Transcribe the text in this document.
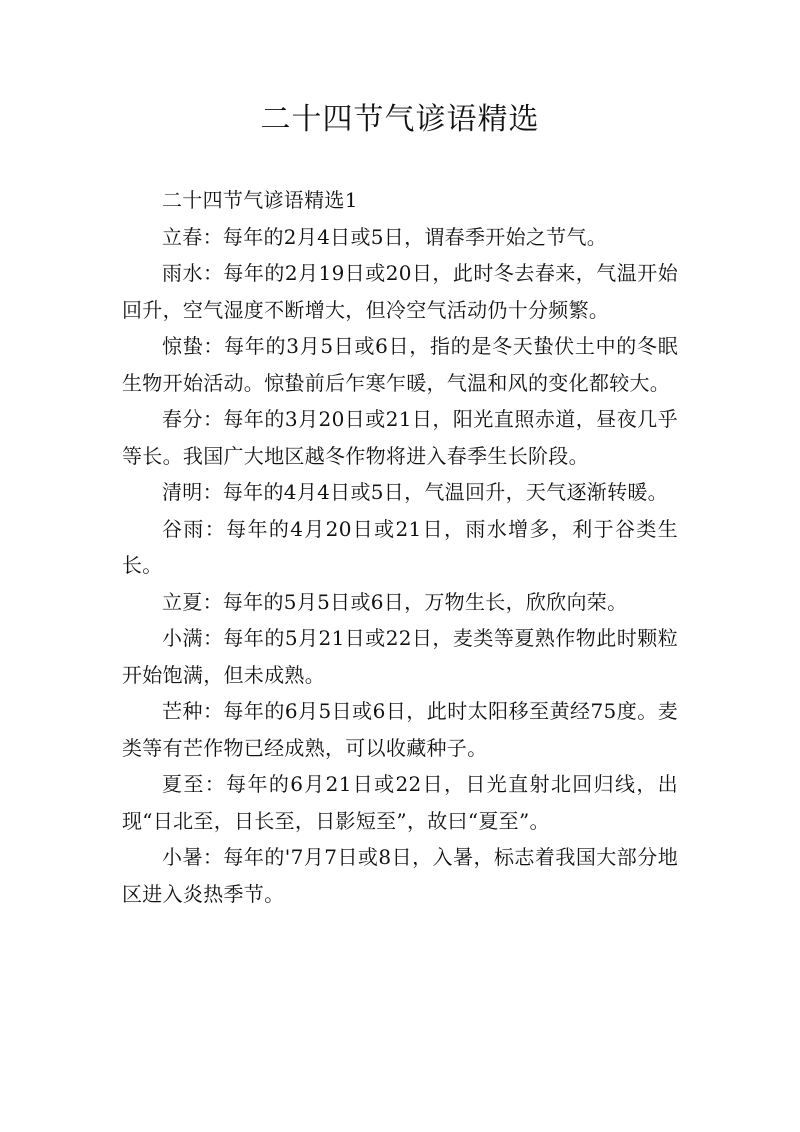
二十四节气谚语精选

二十四节气谚语精选1

立春：每年的2月4日或5日，谓春季开始之节气。

雨水：每年的2月19日或20日，此时冬去春来，气温开始回升，空气湿度不断增大，但冷空气活动仍十分频繁。

惊蛰：每年的3月5日或6日，指的是冬天蛰伏土中的冬眠生物开始活动。惊蛰前后乍寒乍暖，气温和风的变化都较大。

春分：每年的3月20日或21日，阳光直照赤道，昼夜几乎等长。我国广大地区越冬作物将进入春季生长阶段。

清明：每年的4月4日或5日，气温回升，天气逐渐转暖。

谷雨：每年的4月20日或21日，雨水增多，利于谷类生长。

立夏：每年的5月5日或6日，万物生长，欣欣向荣。

小满：每年的5月21日或22日，麦类等夏熟作物此时颗粒开始饱满，但未成熟。

芒种：每年的6月5日或6日，此时太阳移至黄经75度。麦类等有芒作物已经成熟，可以收藏种子。

夏至：每年的6月21日或22日，日光直射北回归线，出现“日北至，日长至，日影短至”，故曰“夏至”。

小暑：每年的'7月7日或8日，入暑，标志着我国大部分地区进入炎热季节。
